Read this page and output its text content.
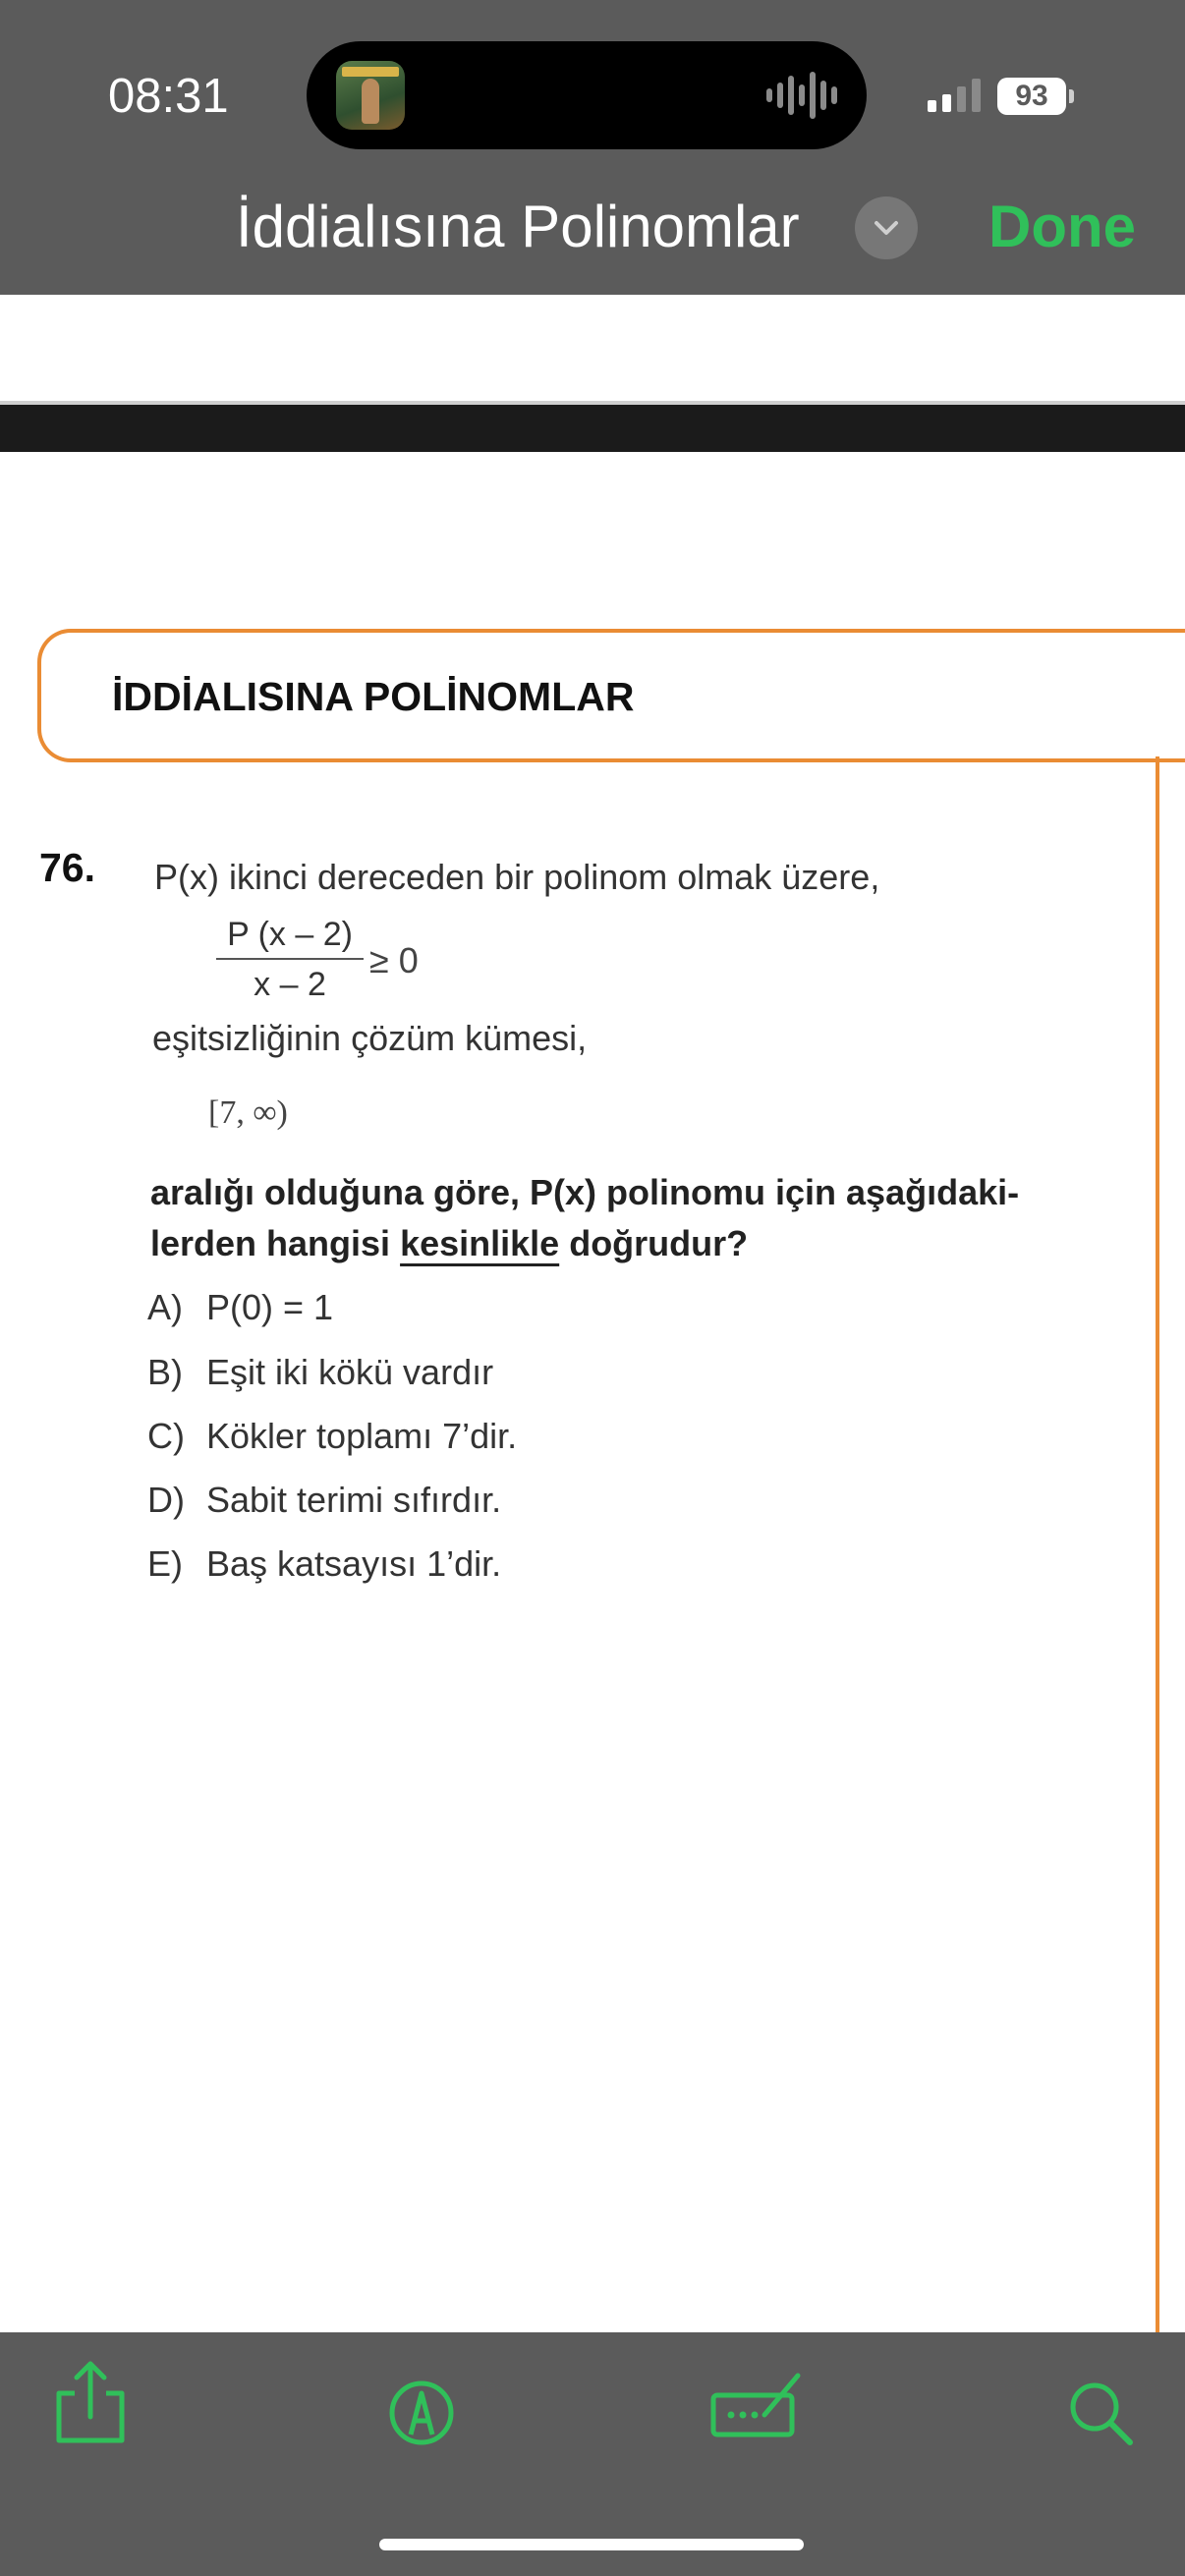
08:31	93
İddialısına Polinomlar	Done
İDDİALISINA POLİNOMLAR
76. P(x) ikinci dereceden bir polinom olmak üzere,
$\frac{P (x - 2)}{x - 2} \ge 0$
eşitsizliğinin çözüm kümesi,
[7, ∞)
aralığı olduğuna göre, P(x) polinomu için aşağıdaki-lerden hangisi kesinlikle doğrudur?
A) P(0) = 1
B) Eşit iki kökü vardır
C) Kökler toplamı 7’dir.
D) Sabit terimi sıfırdır.
E) Baş katsayısı 1’dir.
